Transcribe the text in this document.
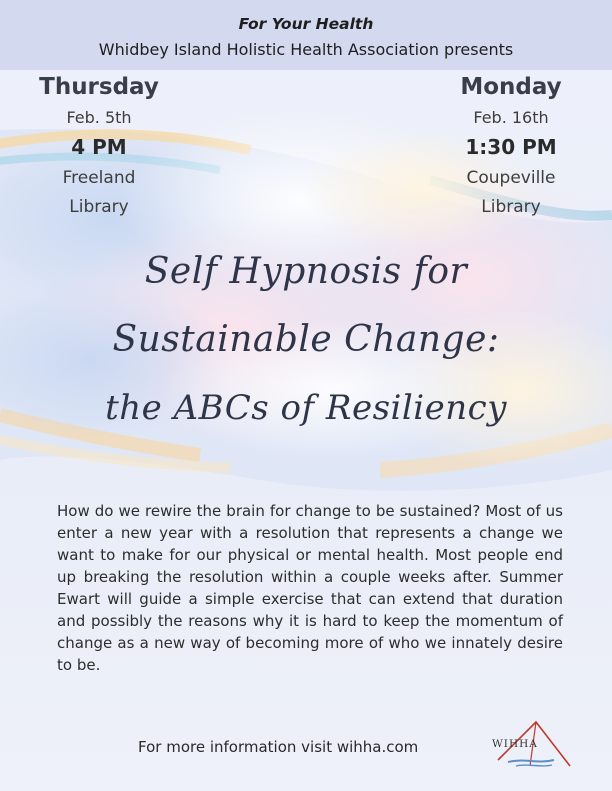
For Your Health
Whidbey Island Holistic Health Association presents
Thursday
Feb. 5th
4 PM
Freeland
Library
Monday
Feb. 16th
1:30 PM
Coupeville
Library
Self Hypnosis for
Sustainable Change:
the ABCs of Resiliency
How do we rewire the brain for change to be sustained? Most of us enter a new year with a resolution that represents a change we want to make for our physical or mental health. Most people end up breaking the resolution within a couple weeks after. Summer Ewart will guide a simple exercise that can extend that duration and possibly the reasons why it is hard to keep the momentum of change as a new way of becoming more of who we innately desire to be.
For more information visit wihha.com	WIHHA
